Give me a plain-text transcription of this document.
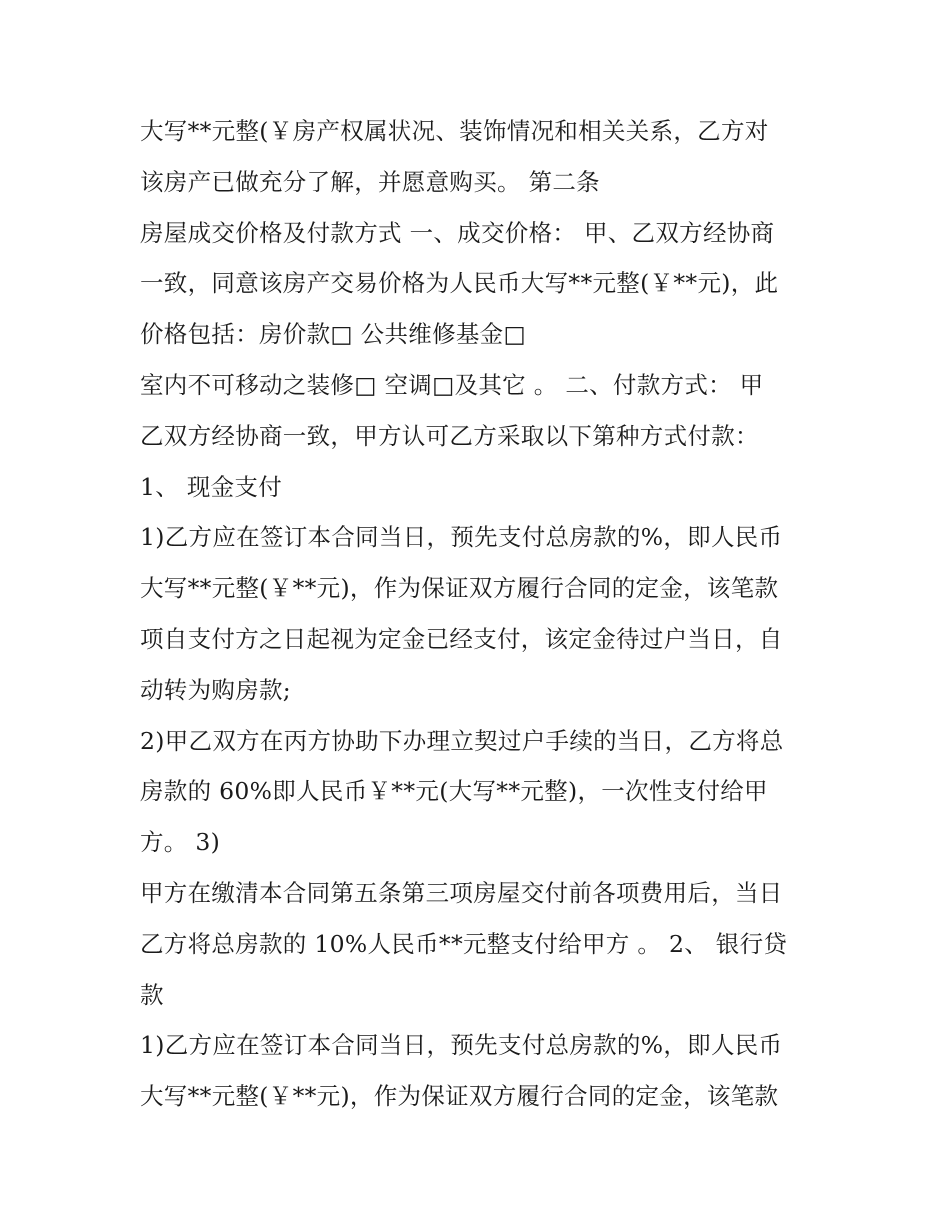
大写**元整(￥房产权属状况、装饰情况和相关关系，乙方对
该房产已做充分了解，并愿意购买。 第二条
房屋成交价格及付款方式 一、成交价格： 甲、乙双方经协商
一致，同意该房产交易价格为人民币大写**元整(￥**元)，此
价格包括：房价款□ 公共维修基金□
室内不可移动之装修□ 空调□及其它 。 二、付款方式： 甲
乙双方经协商一致，甲方认可乙方采取以下第种方式付款：
1、 现金支付
1)乙方应在签订本合同当日，预先支付总房款的%，即人民币
大写**元整(￥**元)，作为保证双方履行合同的定金，该笔款
项自支付方之日起视为定金已经支付，该定金待过户当日，自
动转为购房款;
2)甲乙双方在丙方协助下办理立契过户手续的当日，乙方将总
房款的 60%即人民币￥**元(大写**元整)，一次性支付给甲
方。 3)
甲方在缴清本合同第五条第三项房屋交付前各项费用后，当日
乙方将总房款的 10%人民币**元整支付给甲方 。 2、 银行贷
款
1)乙方应在签订本合同当日，预先支付总房款的%，即人民币
大写**元整(￥**元)，作为保证双方履行合同的定金，该笔款
